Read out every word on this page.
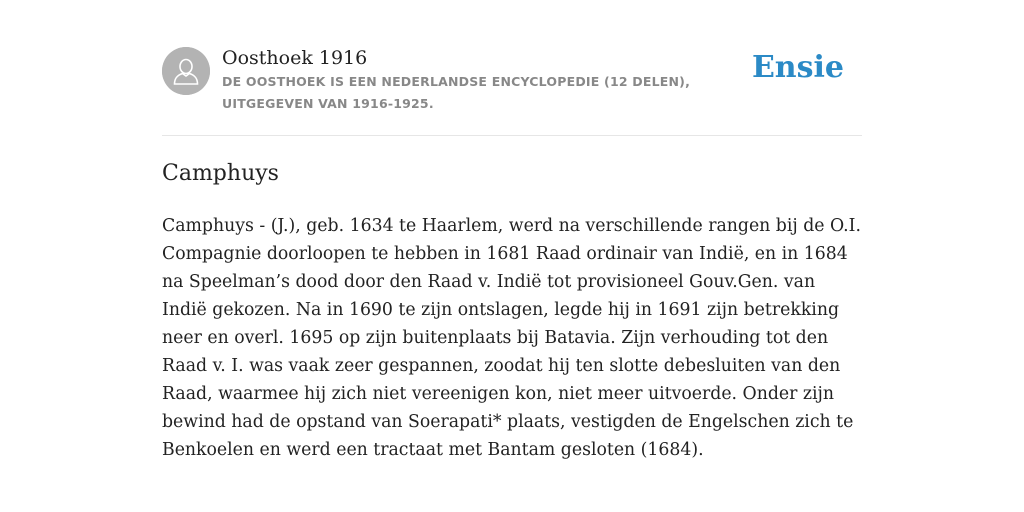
Oosthoek 1916

DE OOSTHOEK IS EEN NEDERLANDSE ENCYCLOPEDIE (12 DELEN), UITGEGEVEN VAN 1916-1925.

Ensie
Camphuys

Camphuys - (J.), geb. 1634 te Haarlem, werd na verschillende rangen bij de O.I. Compagnie doorloopen te hebben in 1681 Raad ordinair van Indië, en in 1684 na Speelman’s dood door den Raad v. Indië tot provisioneel Gouv.Gen. van Indië gekozen. Na in 1690 te zijn ontslagen, legde hij in 1691 zijn betrekking neer en overl. 1695 op zijn buitenplaats bij Batavia. Zijn verhouding tot den Raad v. I. was vaak zeer gespannen, zoodat hij ten slotte debesluiten van den Raad, waarmee hij zich niet vereenigen kon, niet meer uitvoerde. Onder zijn bewind had de opstand van Soerapati* plaats, vestigden de Engelschen zich te Benkoelen en werd een tractaat met Bantam gesloten (1684).
